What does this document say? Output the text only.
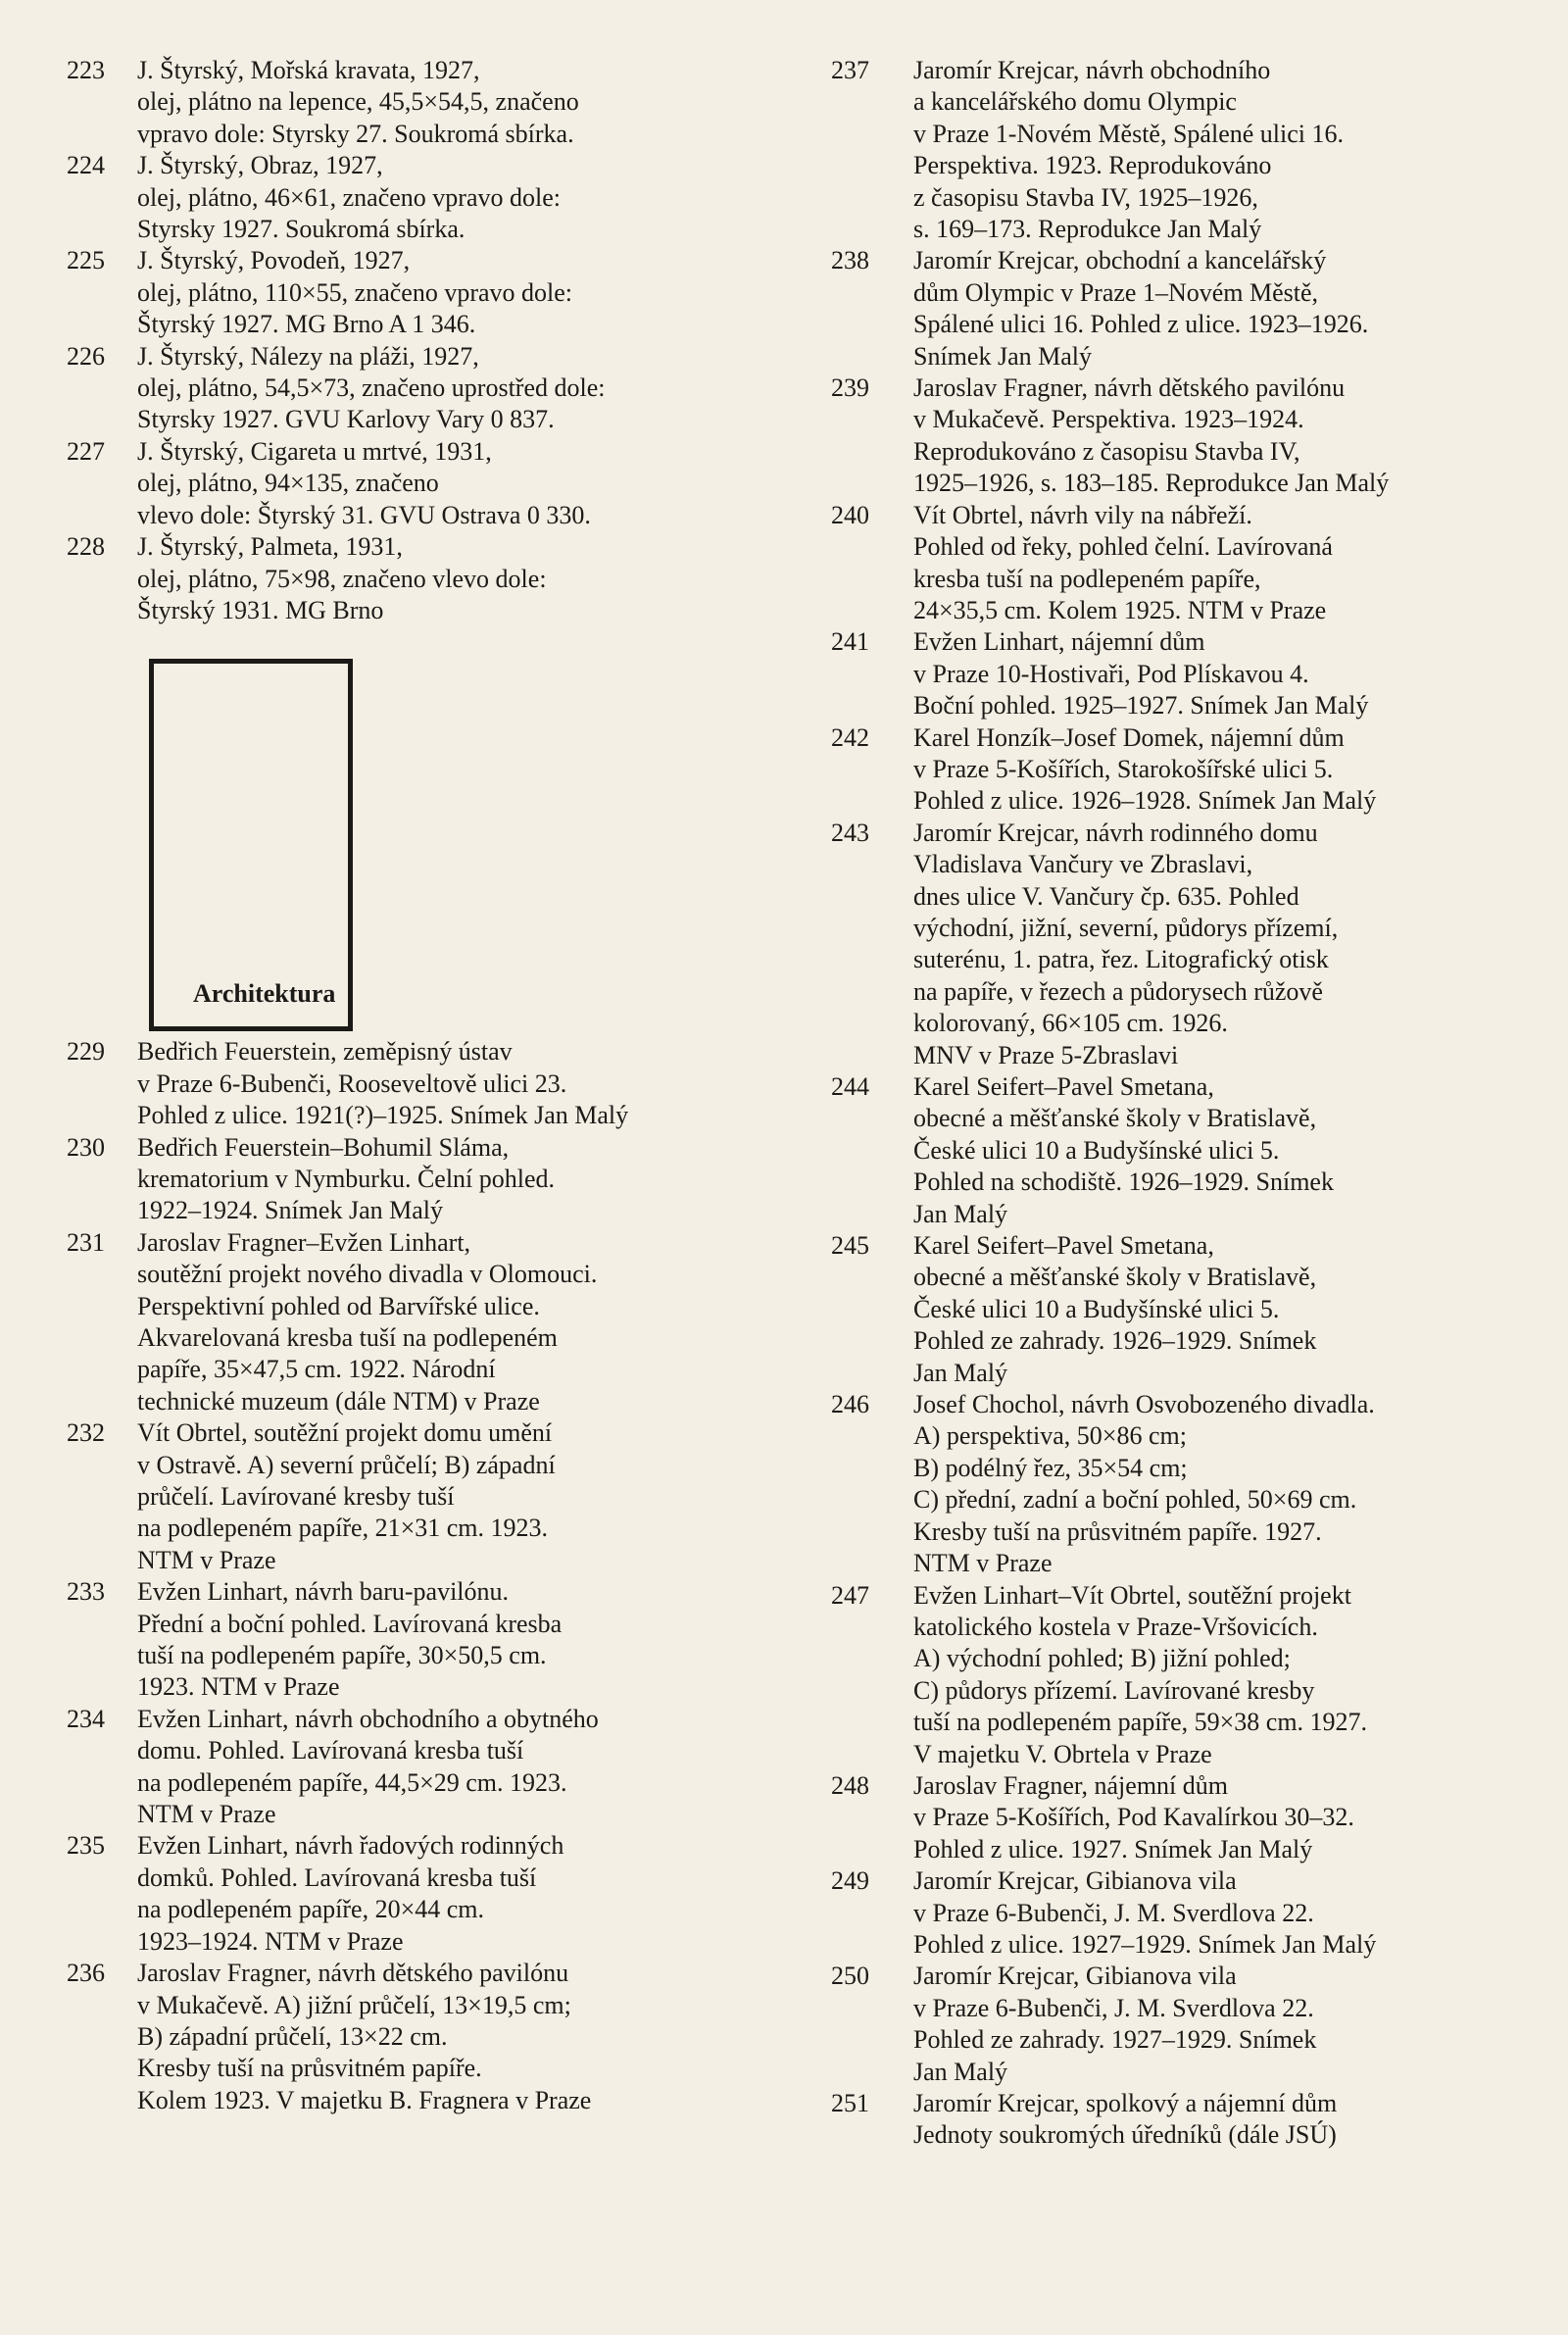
223	J. Štyrský, Mořská kravata, 1927,
olej, plátno na lepence, 45,5×54,5, značeno
vpravo dole: Styrsky 27. Soukromá sbírka.
224	J. Štyrský, Obraz, 1927,
olej, plátno, 46×61, značeno vpravo dole:
Styrsky 1927. Soukromá sbírka.
225	J. Štyrský, Povodeň, 1927,
olej, plátno, 110×55, značeno vpravo dole:
Štyrský 1927. MG Brno A 1 346.
226	J. Štyrský, Nálezy na pláži, 1927,
olej, plátno, 54,5×73, značeno uprostřed dole:
Styrsky 1927. GVU Karlovy Vary 0 837.
227	J. Štyrský, Cigareta u mrtvé, 1931,
olej, plátno, 94×135, značeno
vlevo dole: Štyrský 31. GVU Ostrava 0 330.
228	J. Štyrský, Palmeta, 1931,
olej, plátno, 75×98, značeno vlevo dole:
Štyrský 1931. MG Brno
229	Bedřich Feuerstein, zeměpisný ústav
v Praze 6-Bubenči, Rooseveltově ulici 23.
Pohled z ulice. 1921(?)–1925. Snímek Jan Malý
230	Bedřich Feuerstein–Bohumil Sláma,
krematorium v Nymburku. Čelní pohled.
1922–1924. Snímek Jan Malý
231	Jaroslav Fragner–Evžen Linhart,
soutěžní projekt nového divadla v Olomouci.
Perspektivní pohled od Barvířské ulice.
Akvarelovaná kresba tuší na podlepeném
papíře, 35×47,5 cm. 1922. Národní
technické muzeum (dále NTM) v Praze
232	Vít Obrtel, soutěžní projekt domu umění
v Ostravě. A) severní průčelí; B) západní
průčelí. Lavírované kresby tuší
na podlepeném papíře, 21×31 cm. 1923.
NTM v Praze
233	Evžen Linhart, návrh baru-pavilónu.
Přední a boční pohled. Lavírovaná kresba
tuší na podlepeném papíře, 30×50,5 cm.
1923. NTM v Praze
234	Evžen Linhart, návrh obchodního a obytného
domu. Pohled. Lavírovaná kresba tuší
na podlepeném papíře, 44,5×29 cm. 1923.
NTM v Praze
235	Evžen Linhart, návrh řadových rodinných
domků. Pohled. Lavírovaná kresba tuší
na podlepeném papíře, 20×44 cm.
1923–1924. NTM v Praze
236	Jaroslav Fragner, návrh dětského pavilónu
v Mukačevě. A) jižní průčelí, 13×19,5 cm;
B) západní průčelí, 13×22 cm.
Kresby tuší na průsvitném papíře.
Kolem 1923. V majetku B. Fragnera v Praze
Architektura
237	Jaromír Krejcar, návrh obchodního
a kancelářského domu Olympic
v Praze 1-Novém Městě, Spálené ulici 16.
Perspektiva. 1923. Reprodukováno
z časopisu Stavba IV, 1925–1926,
s. 169–173. Reprodukce Jan Malý
238	Jaromír Krejcar, obchodní a kancelářský
dům Olympic v Praze 1–Novém Městě,
Spálené ulici 16. Pohled z ulice. 1923–1926.
Snímek Jan Malý
239	Jaroslav Fragner, návrh dětského pavilónu
v Mukačevě. Perspektiva. 1923–1924.
Reprodukováno z časopisu Stavba IV,
1925–1926, s. 183–185. Reprodukce Jan Malý
240	Vít Obrtel, návrh vily na nábřeží.
Pohled od řeky, pohled čelní. Lavírovaná
kresba tuší na podlepeném papíře,
24×35,5 cm. Kolem 1925. NTM v Praze
241	Evžen Linhart, nájemní dům
v Praze 10-Hostivaři, Pod Plískavou 4.
Boční pohled. 1925–1927. Snímek Jan Malý
242	Karel Honzík–Josef Domek, nájemní dům
v Praze 5-Košířích, Starokošířské ulici 5.
Pohled z ulice. 1926–1928. Snímek Jan Malý
243	Jaromír Krejcar, návrh rodinného domu
Vladislava Vančury ve Zbraslavi,
dnes ulice V. Vančury čp. 635. Pohled
východní, jižní, severní, půdorys přízemí,
suterénu, 1. patra, řez. Litografický otisk
na papíře, v řezech a půdorysech růžově
kolorovaný, 66×105 cm. 1926.
MNV v Praze 5-Zbraslavi
244	Karel Seifert–Pavel Smetana,
obecné a měšťanské školy v Bratislavě,
České ulici 10 a Budyšínské ulici 5.
Pohled na schodiště. 1926–1929. Snímek
Jan Malý
245	Karel Seifert–Pavel Smetana,
obecné a měšťanské školy v Bratislavě,
České ulici 10 a Budyšínské ulici 5.
Pohled ze zahrady. 1926–1929. Snímek
Jan Malý
246	Josef Chochol, návrh Osvobozeného divadla.
A) perspektiva, 50×86 cm;
B) podélný řez, 35×54 cm;
C) přední, zadní a boční pohled, 50×69 cm.
Kresby tuší na průsvitném papíře. 1927.
NTM v Praze
247	Evžen Linhart–Vít Obrtel, soutěžní projekt
katolického kostela v Praze-Vršovicích.
A) východní pohled; B) jižní pohled;
C) půdorys přízemí. Lavírované kresby
tuší na podlepeném papíře, 59×38 cm. 1927.
V majetku V. Obrtela v Praze
248	Jaroslav Fragner, nájemní dům
v Praze 5-Košířích, Pod Kavalírkou 30–32.
Pohled z ulice. 1927. Snímek Jan Malý
249	Jaromír Krejcar, Gibianova vila
v Praze 6-Bubenči, J. M. Sverdlova 22.
Pohled z ulice. 1927–1929. Snímek Jan Malý
250	Jaromír Krejcar, Gibianova vila
v Praze 6-Bubenči, J. M. Sverdlova 22.
Pohled ze zahrady. 1927–1929. Snímek
Jan Malý
251	Jaromír Krejcar, spolkový a nájemní dům
Jednoty soukromých úředníků (dále JSÚ)
